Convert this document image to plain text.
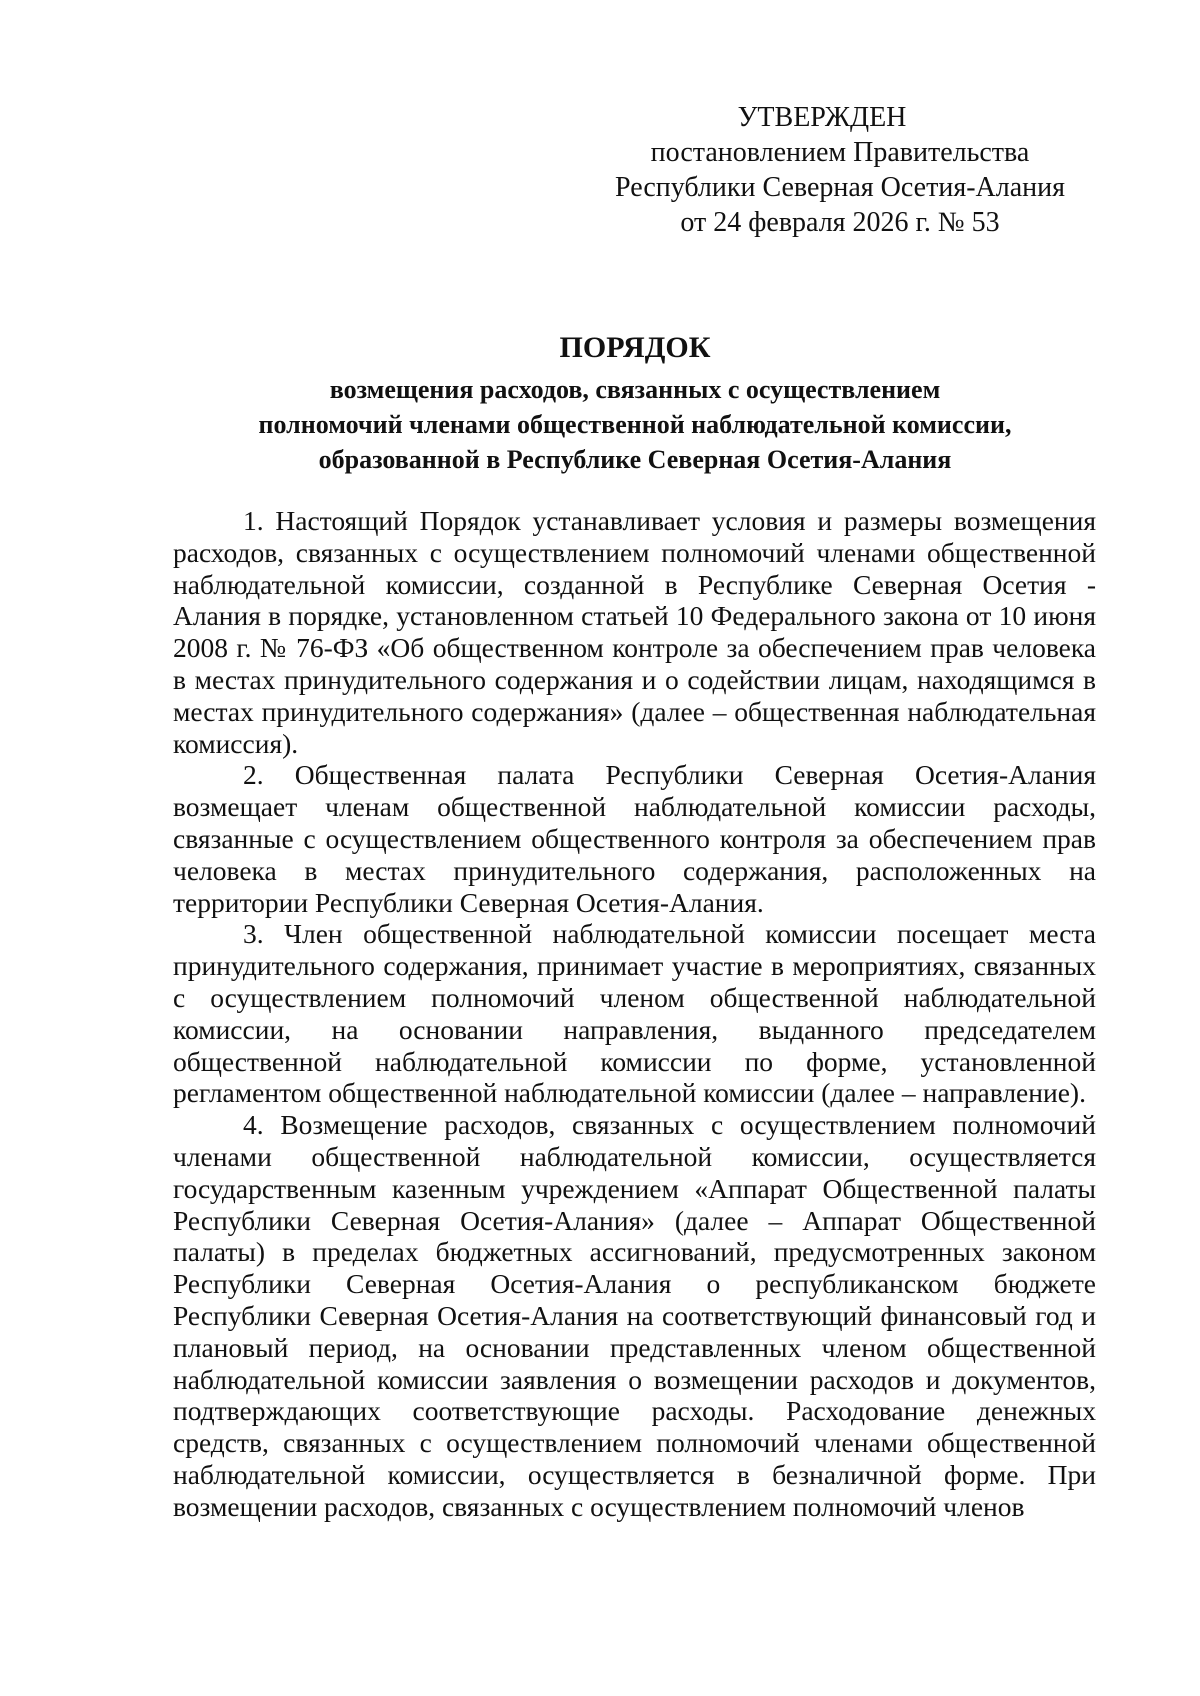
УТВЕРЖДЕН
постановлением Правительства
Республики Северная Осетия-Алания
от 24 февраля 2026 г. № 53
ПОРЯДОК
возмещения расходов, связанных с осуществлением
полномочий членами общественной наблюдательной комиссии,
образованной в Республике Северная Осетия-Алания

1. Настоящий Порядок устанавливает условия и размеры возмещения расходов, связанных с осуществлением полномочий членами общественной наблюдательной комиссии, созданной в Республике Северная Осетия - Алания в порядке, установленном статьей 10 Федерального закона от 10 июня 2008 г. № 76-ФЗ «Об общественном контроле за обеспечением прав человека в местах принудительного содержания и о содействии лицам, находящимся в местах принудительного содержания» (далее – общественная наблюдательная комиссия).

2. Общественная палата Республики Северная Осетия-Алания возмещает членам общественной наблюдательной комиссии расходы, связанные с осуществлением общественного контроля за обеспечением прав человека в местах принудительного содержания, расположенных на территории Республики Северная Осетия-Алания.

3. Член общественной наблюдательной комиссии посещает места принудительного содержания, принимает участие в мероприятиях, связанных с осуществлением полномочий членом общественной наблюдательной комиссии, на основании направления, выданного председателем общественной наблюдательной комиссии по форме, установленной регламентом общественной наблюдательной комиссии (далее – направление).

4. Возмещение расходов, связанных с осуществлением полномочий членами общественной наблюдательной комиссии, осуществляется государственным казенным учреждением «Аппарат Общественной палаты Республики Северная Осетия-Алания» (далее – Аппарат Общественной палаты) в пределах бюджетных ассигнований, предусмотренных законом Республики Северная Осетия-Алания о республиканском бюджете Республики Северная Осетия-Алания на соответствующий финансовый год и плановый период, на основании представленных членом общественной наблюдательной комиссии заявления о возмещении расходов и документов, подтверждающих соответствующие расходы. Расходование денежных средств, связанных с осуществлением полномочий членами общественной наблюдательной комиссии, осуществляется в безналичной форме. При возмещении расходов, связанных с осуществлением полномочий членов
